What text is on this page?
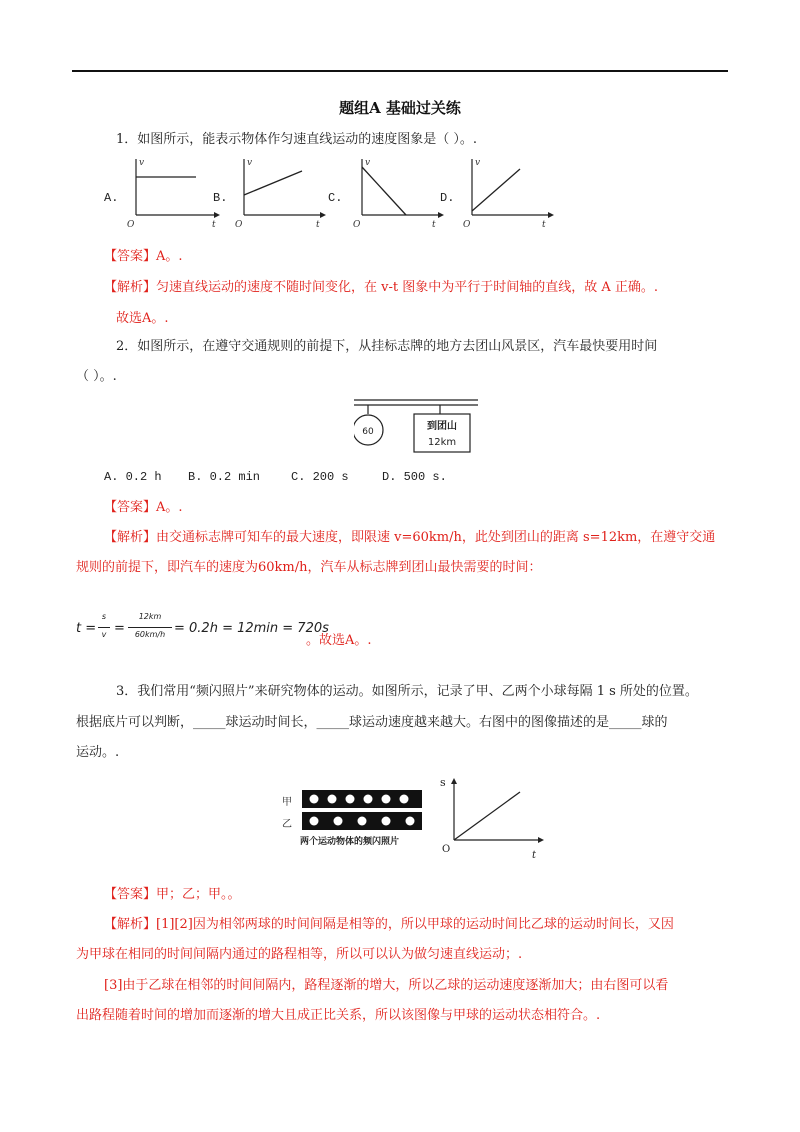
题组A 基础过关练
1．如图所示，能表示物体作匀速直线运动的速度图象是（ ）。.
A.
v
t
O
B.
v
t
O
C.
v
t
O
D.
v
t
O
【答案】A。.
【解析】匀速直线运动的速度不随时间变化，在 v-t 图象中为平行于时间轴的直线，故 A 正确。.
故选A。.
2．如图所示，在遵守交通规则的前提下，从挂标志牌的地方去团山风景区，汽车最快要用时间
（ ）。.
60	到团山
12km
A. 0.2 h B. 0.2 min	C. 200 s	D. 500 s.
【答案】A。.
【解析】由交通标志牌可知车的最大速度，即限速 v=60km/h，此处到团山的距离 s=12km，在遵守交通
规则的前提下，即汽车的速度为60km/h，汽车从标志牌到团山最快需要的时间：
t =
s
v =
12km
60km/h = 0.2h = 12min = 720s
。故选A。.
3．我们常用“频闪照片”来研究物体的运动。如图所示，记录了甲、乙两个小球每隔 1 s 所处的位置。
根据底片可以判断，_____球运动时间长，_____球运动速度越来越大。右图中的图像描述的是_____球的
运动。.
甲
乙
两个运动物体的频闪照片
s
t
O
【答案】甲；乙；甲。。
【解析】[1][2]因为相邻两球的时间间隔是相等的，所以甲球的运动时间比乙球的运动时间长，又因
为甲球在相同的时间间隔内通过的路程相等，所以可以认为做匀速直线运动；.
[3]由于乙球在相邻的时间间隔内，路程逐渐的增大，所以乙球的运动速度逐渐加大；由右图可以看
出路程随着时间的增加而逐渐的增大且成正比关系，所以该图像与甲球的运动状态相符合。.
